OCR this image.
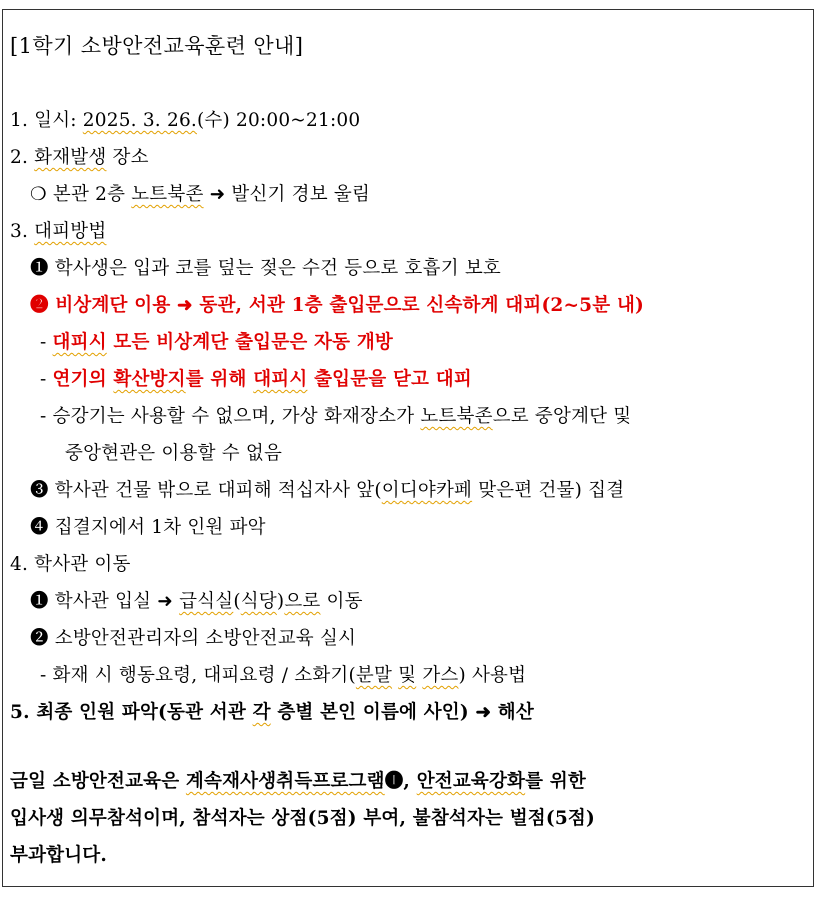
[1학기 소방안전교육훈련 안내]
1. 일시: 2025. 3. 26.(수) 20:00~21:00
2. 화재발생 장소
❍ 본관 2층 노트북존 ➜ 발신기 경보 울림
3. 대피방법
❶ 학사생은 입과 코를 덮는 젖은 수건 등으로 호흡기 보호
❷ 비상계단 이용 ➜ 동관, 서관 1층 출입문으로 신속하게 대피(2~5분 내)
- 대피시 모든 비상계단 출입문은 자동 개방
- 연기의 확산방지를 위해 대피시 출입문을 닫고 대피
- 승강기는 사용할 수 없으며, 가상 화재장소가 노트북존으로 중앙계단 및
중앙현관은 이용할 수 없음
❸ 학사관 건물 밖으로 대피해 적십자사 앞(이디야카페 맞은편 건물) 집결
❹ 집결지에서 1차 인원 파악
4. 학사관 이동
❶ 학사관 입실 ➜ 급식실(식당)으로 이동
❷ 소방안전관리자의 소방안전교육 실시
- 화재 시 행동요령, 대피요령 / 소화기(분말 및 가스) 사용법
5. 최종 인원 파악(동관 서관 각 층별 본인 이름에 사인) ➜ 해산
금일 소방안전교육은 계속재사생취득프로그램❶, 안전교육강화를 위한
입사생 의무참석이며, 참석자는 상점(5점) 부여, 불참석자는 벌점(5점)
부과합니다.
